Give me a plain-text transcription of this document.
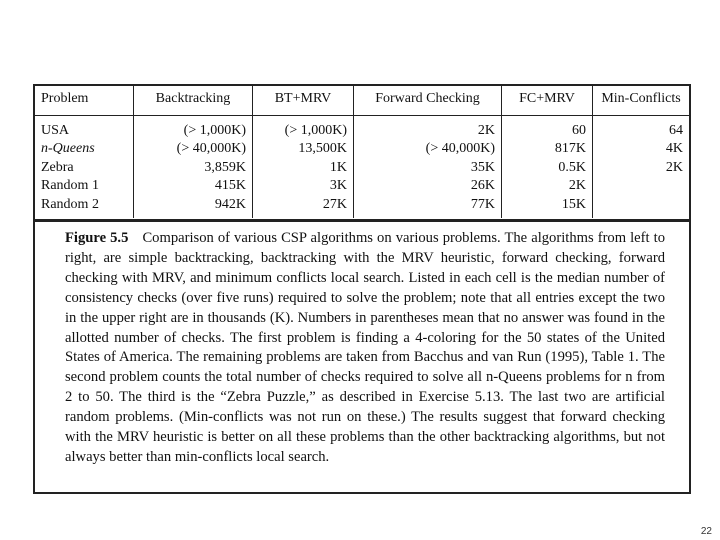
Problem	Backtracking	BT+MRV	Forward Checking	FC+MRV	Min-Conflicts
USA	(> 1,000K)	(> 1,000K)	2K	60	64
n-Queens	(> 40,000K)	13,500K	(> 40,000K)	817K	4K
Zebra	3,859K	1K	35K	0.5K	2K
Random 1	415K	3K	26K	2K	
Random 2	942K	27K	77K	15K	
Figure 5.5 Comparison of various CSP algorithms on various problems. The algorithms from left to right, are simple backtracking, backtracking with the MRV heuristic, forward checking, forward checking with MRV, and minimum conflicts local search. Listed in each cell is the median number of consistency checks (over five runs) required to solve the problem; note that all entries except the two in the upper right are in thousands (K). Numbers in parentheses mean that no answer was found in the allotted number of checks. The first problem is finding a 4-coloring for the 50 states of the United States of America. The remaining problems are taken from Bacchus and van Run (1995), Table 1. The second problem counts the total number of checks required to solve all n-Queens problems for n from 2 to 50. The third is the “Zebra Puzzle,” as described in Exercise 5.13. The last two are artificial random problems. (Min-conflicts was not run on these.) The results suggest that forward checking with the MRV heuristic is better on all these problems than the other backtracking algorithms, but not always better than min-conflicts local search.
22
